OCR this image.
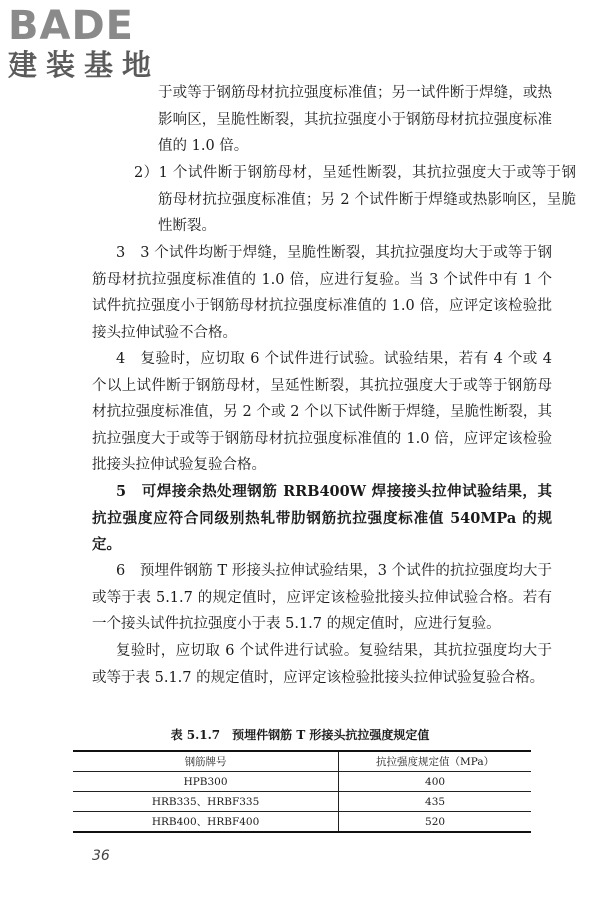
BADE
建装基地

于或等于钢筋母材抗拉强度标准值；另一试件断于焊缝，或热影响区，呈脆性断裂，其抗拉强度小于钢筋母材抗拉强度标准值的 1.0 倍。

2）1 个试件断于钢筋母材，呈延性断裂，其抗拉强度大于或等于钢筋母材抗拉强度标准值；另 2 个试件断于焊缝或热影响区，呈脆性断裂。

3　3 个试件均断于焊缝，呈脆性断裂，其抗拉强度均大于或等于钢筋母材抗拉强度标准值的 1.0 倍，应进行复验。当 3 个试件中有 1 个试件抗拉强度小于钢筋母材抗拉强度标准值的 1.0 倍，应评定该检验批接头拉伸试验不合格。

4　复验时，应切取 6 个试件进行试验。试验结果，若有 4 个或 4 个以上试件断于钢筋母材，呈延性断裂，其抗拉强度大于或等于钢筋母材抗拉强度标准值，另 2 个或 2 个以下试件断于焊缝，呈脆性断裂，其抗拉强度大于或等于钢筋母材抗拉强度标准值的 1.0 倍，应评定该检验批接头拉伸试验复验合格。

5　可焊接余热处理钢筋 RRB400W 焊接接头拉伸试验结果，其抗拉强度应符合同级别热轧带肋钢筋抗拉强度标准值 540MPa 的规定。

6　预埋件钢筋 T 形接头拉伸试验结果，3 个试件的抗拉强度均大于或等于表 5.1.7 的规定值时，应评定该检验批接头拉伸试验合格。若有一个接头试件抗拉强度小于表 5.1.7 的规定值时，应进行复验。

复验时，应切取 6 个试件进行试验。复验结果，其抗拉强度均大于或等于表 5.1.7 的规定值时，应评定该检验批接头拉伸试验复验合格。

表 5.1.7　预埋件钢筋 T 形接头抗拉强度规定值
钢筋牌号	抗拉强度规定值（MPa）
HPB300	400
HRB335、HRBF335	435
HRB400、HRBF400	520
36
